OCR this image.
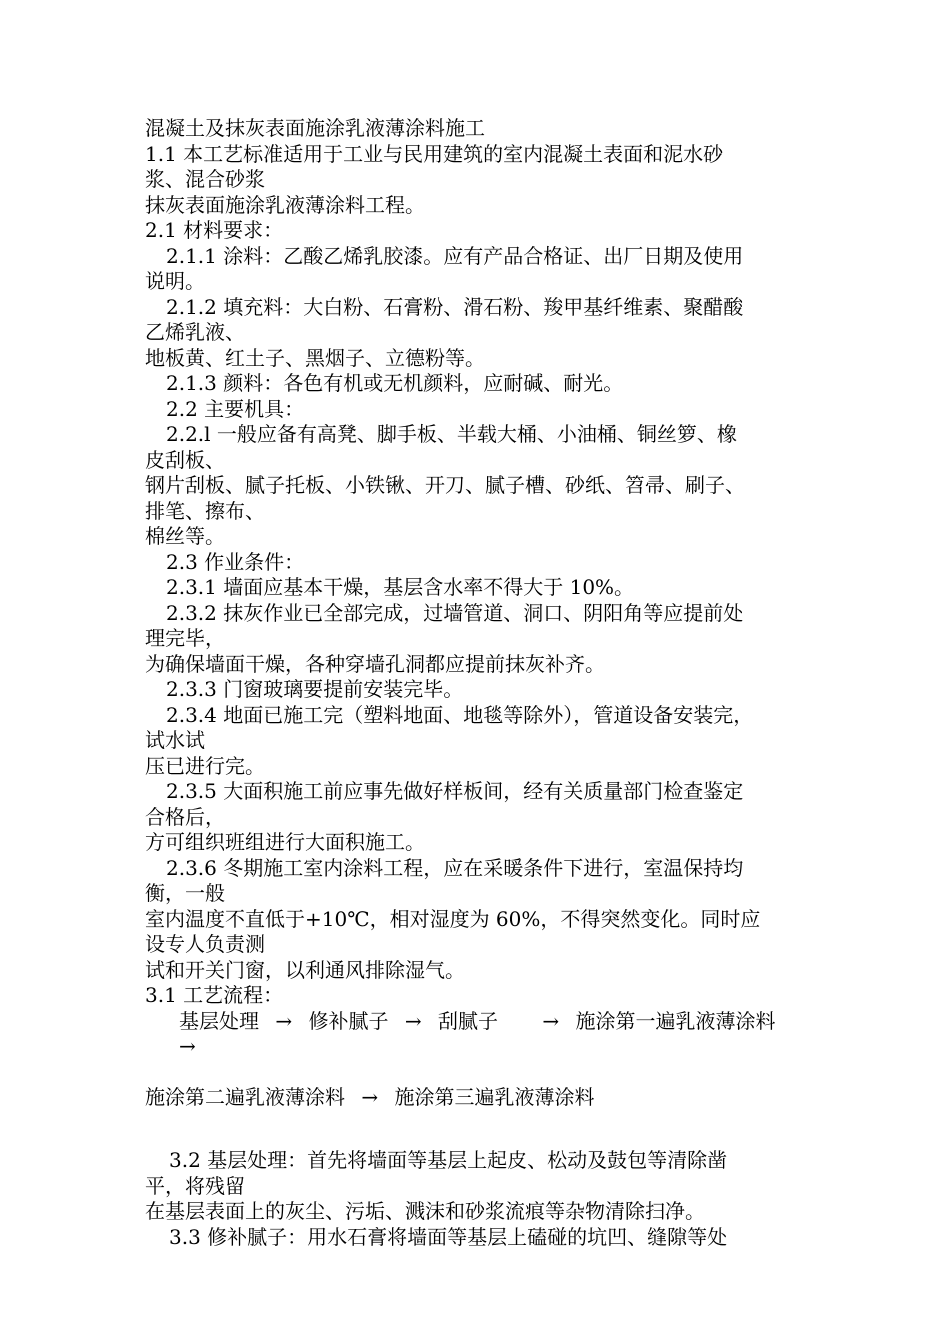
混凝土及抹灰表面施涂乳液薄涂料施工
1.1 本工艺标准适用于工业与民用建筑的室内混凝土表面和泥水砂
浆、混合砂浆
抹灰表面施涂乳液薄涂料工程。
2.1 材料要求：
2.1.1 涂料：乙酸乙烯乳胶漆。应有产品合格证、出厂日期及使用
说明。
2.1.2 填充料：大白粉、石膏粉、滑石粉、羧甲基纤维素、聚醋酸
乙烯乳液、
地板黄、红土子、黑烟子、立德粉等。
2.1.3 颜料：各色有机或无机颜料，应耐碱、耐光。
2.2 主要机具：
2.2.l 一般应备有高凳、脚手板、半载大桶、小油桶、铜丝箩、橡
皮刮板、
钢片刮板、腻子托板、小铁锹、开刀、腻子槽、砂纸、笤帚、刷子、
排笔、擦布、
棉丝等。
2.3 作业条件：
2.3.1 墙面应基本干燥，基层含水率不得大于 10%。
2.3.2 抹灰作业已全部完成，过墙管道、洞口、阴阳角等应提前处
理完毕，
为确保墙面干燥，各种穿墙孔洞都应提前抹灰补齐。
2.3.3 门窗玻璃要提前安装完毕。
2.3.4 地面已施工完（塑料地面、地毯等除外），管道设备安装完，
试水试
压已进行完。
2.3.5 大面积施工前应事先做好样板间，经有关质量部门检查鉴定
合格后，
方可组织班组进行大面积施工。
2.3.6 冬期施工室内涂料工程，应在采暖条件下进行，室温保持均
衡，一般
室内温度不直低于+10℃，相对湿度为 60%，不得突然变化。同时应
设专人负责测
试和开关门窗，以利通风排除湿气。
3.1 工艺流程：
基层处理 → 修补腻子 → 刮腻子 → 施涂第一遍乳液薄涂料
→
施涂第二遍乳液薄涂料 → 施涂第三遍乳液薄涂料
3.2 基层处理：首先将墙面等基层上起皮、松动及鼓包等清除凿
平，将残留
在基层表面上的灰尘、污垢、溅沫和砂浆流痕等杂物清除扫净。
3.3 修补腻子：用水石膏将墙面等基层上磕碰的坑凹、缝隙等处
